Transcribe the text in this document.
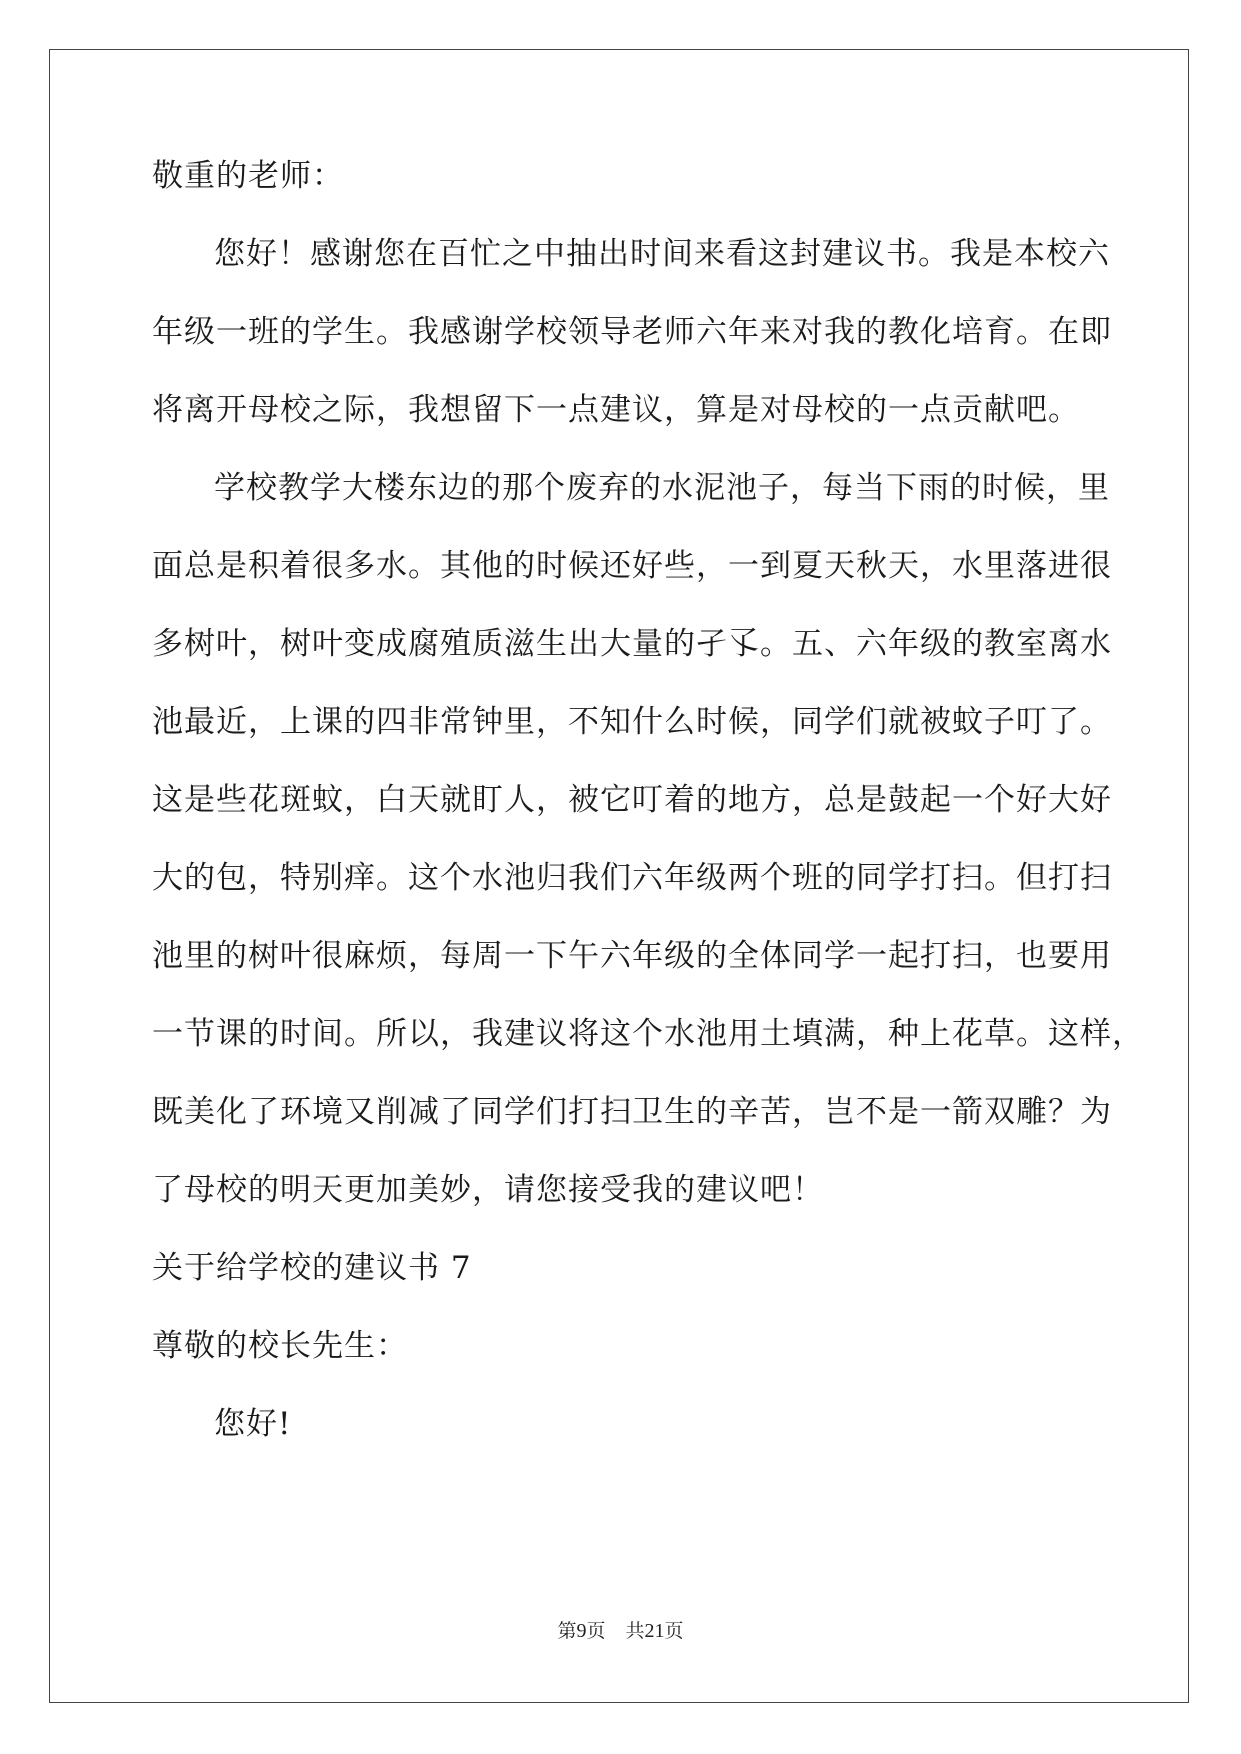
敬重的老师：
您好！感谢您在百忙之中抽出时间来看这封建议书。我是本校六
年级一班的学生。我感谢学校领导老师六年来对我的教化培育。在即
将离开母校之际，我想留下一点建议，算是对母校的一点贡献吧。
学校教学大楼东边的那个废弃的水泥池子，每当下雨的时候，里
面总是积着很多水。其他的时候还好些，一到夏天秋天，水里落进很
多树叶，树叶变成腐殖质滋生出大量的孑孓。五、六年级的教室离水
池最近，上课的四非常钟里，不知什么时候，同学们就被蚊子叮了。
这是些花斑蚊，白天就盯人，被它叮着的地方，总是鼓起一个好大好
大的包，特别痒。这个水池归我们六年级两个班的同学打扫。但打扫
池里的树叶很麻烦，每周一下午六年级的全体同学一起打扫，也要用
一节课的时间。所以，我建议将这个水池用土填满，种上花草。这样，
既美化了环境又削减了同学们打扫卫生的辛苦，岂不是一箭双雕？为
了母校的明天更加美妙，请您接受我的建议吧！
关于给学校的建议书 7
尊敬的校长先生：
您好!
第9页 共21页
